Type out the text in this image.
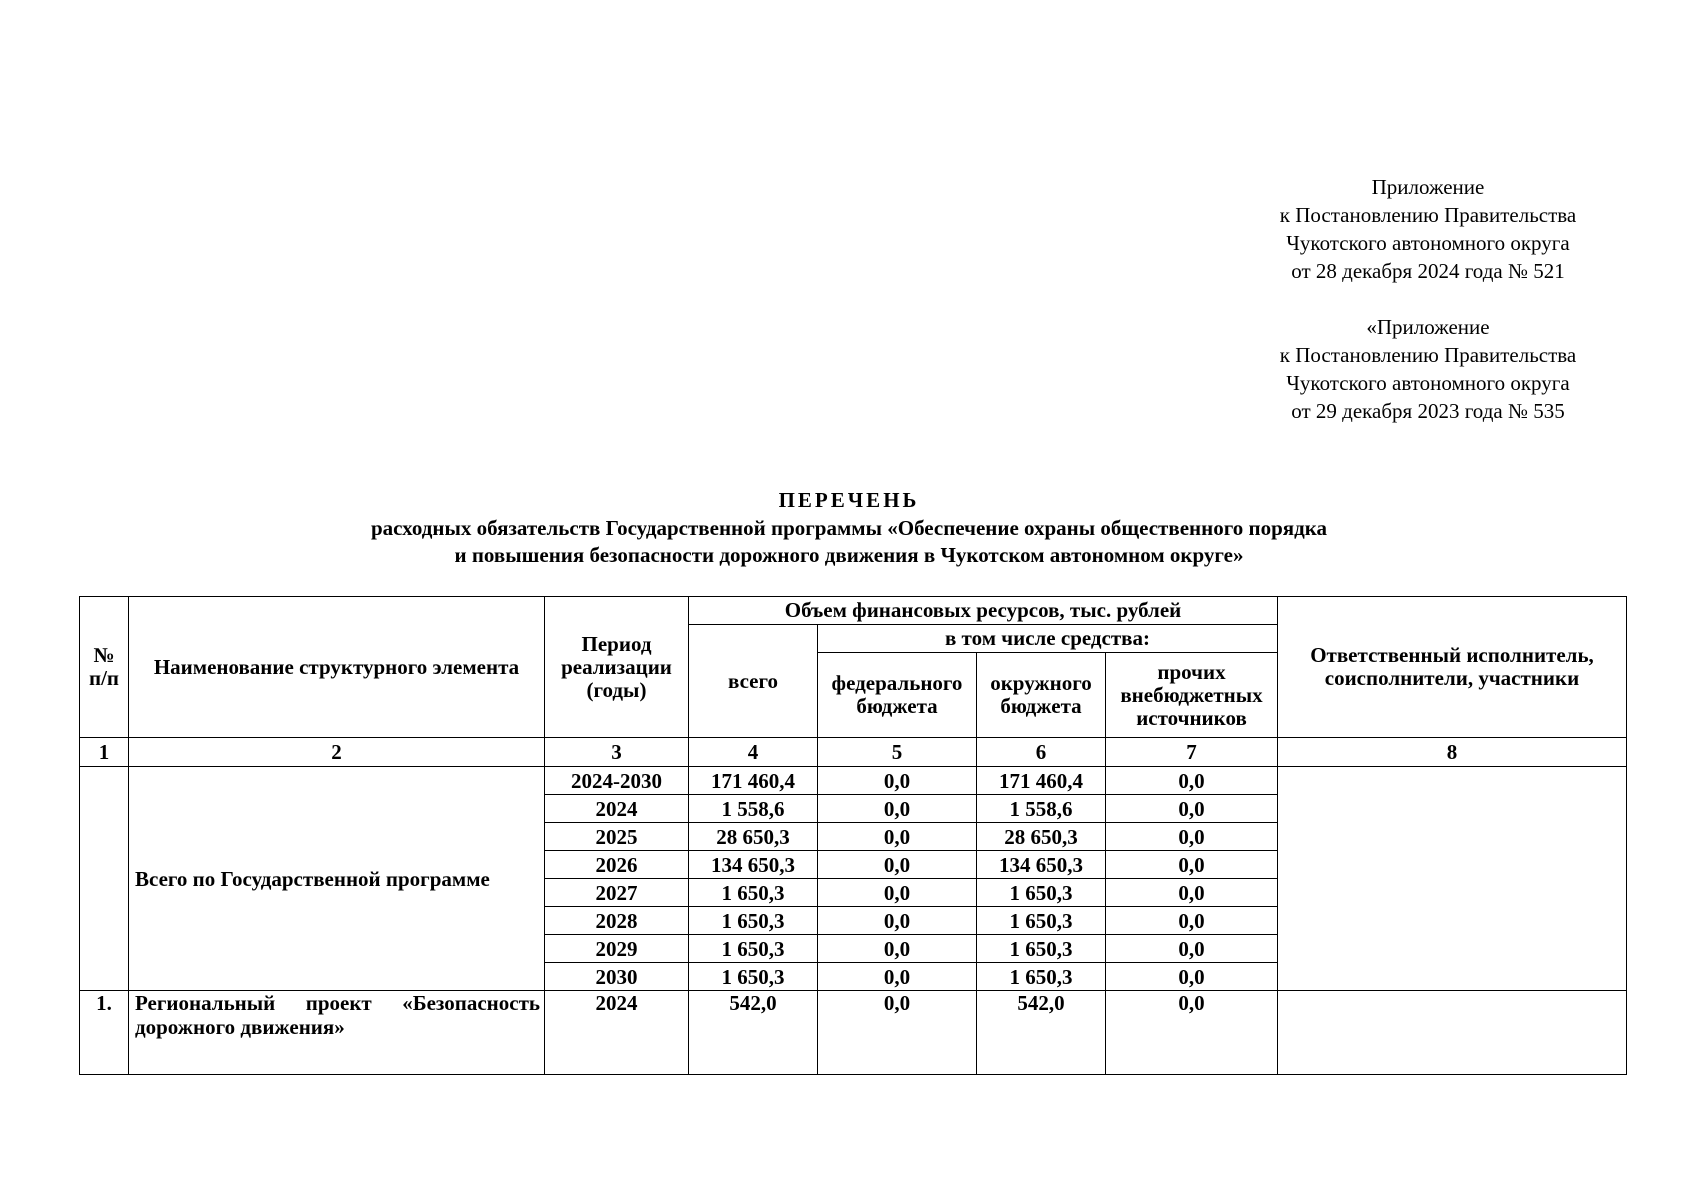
Приложение
к Постановлению Правительства
Чукотского автономного округа
от 28 декабря 2024 года № 521
«Приложение
к Постановлению Правительства
Чукотского автономного округа
от 29 декабря 2023 года № 535
ПЕРЕЧЕНЬ
расходных обязательств Государственной программы «Обеспечение охраны общественного порядка
и повышения безопасности дорожного движения в Чукотском автономном округе»
№ п/п	Наименование структурного элемента	Период реализации (годы)	Объем финансовых ресурсов, тыс. рублей				Ответственный исполнитель, соисполнители, участники
			всего	в том числе средства:			
				федерального бюджета	окружного бюджета	прочих внебюджетных источников	
1	2	3	4	5	6	7	8
	Всего по Государственной программе	2024-2030	171 460,4	0,0	171 460,4	0,0	
		2024	1 558,6	0,0	1 558,6	0,0	
		2025	28 650,3	0,0	28 650,3	0,0	
		2026	134 650,3	0,0	134 650,3	0,0	
		2027	1 650,3	0,0	1 650,3	0,0	
		2028	1 650,3	0,0	1 650,3	0,0	
		2029	1 650,3	0,0	1 650,3	0,0	
		2030	1 650,3	0,0	1 650,3	0,0	
1.	Региональный проект «Безопасность дорожного движения»	2024	542,0	0,0	542,0	0,0	
